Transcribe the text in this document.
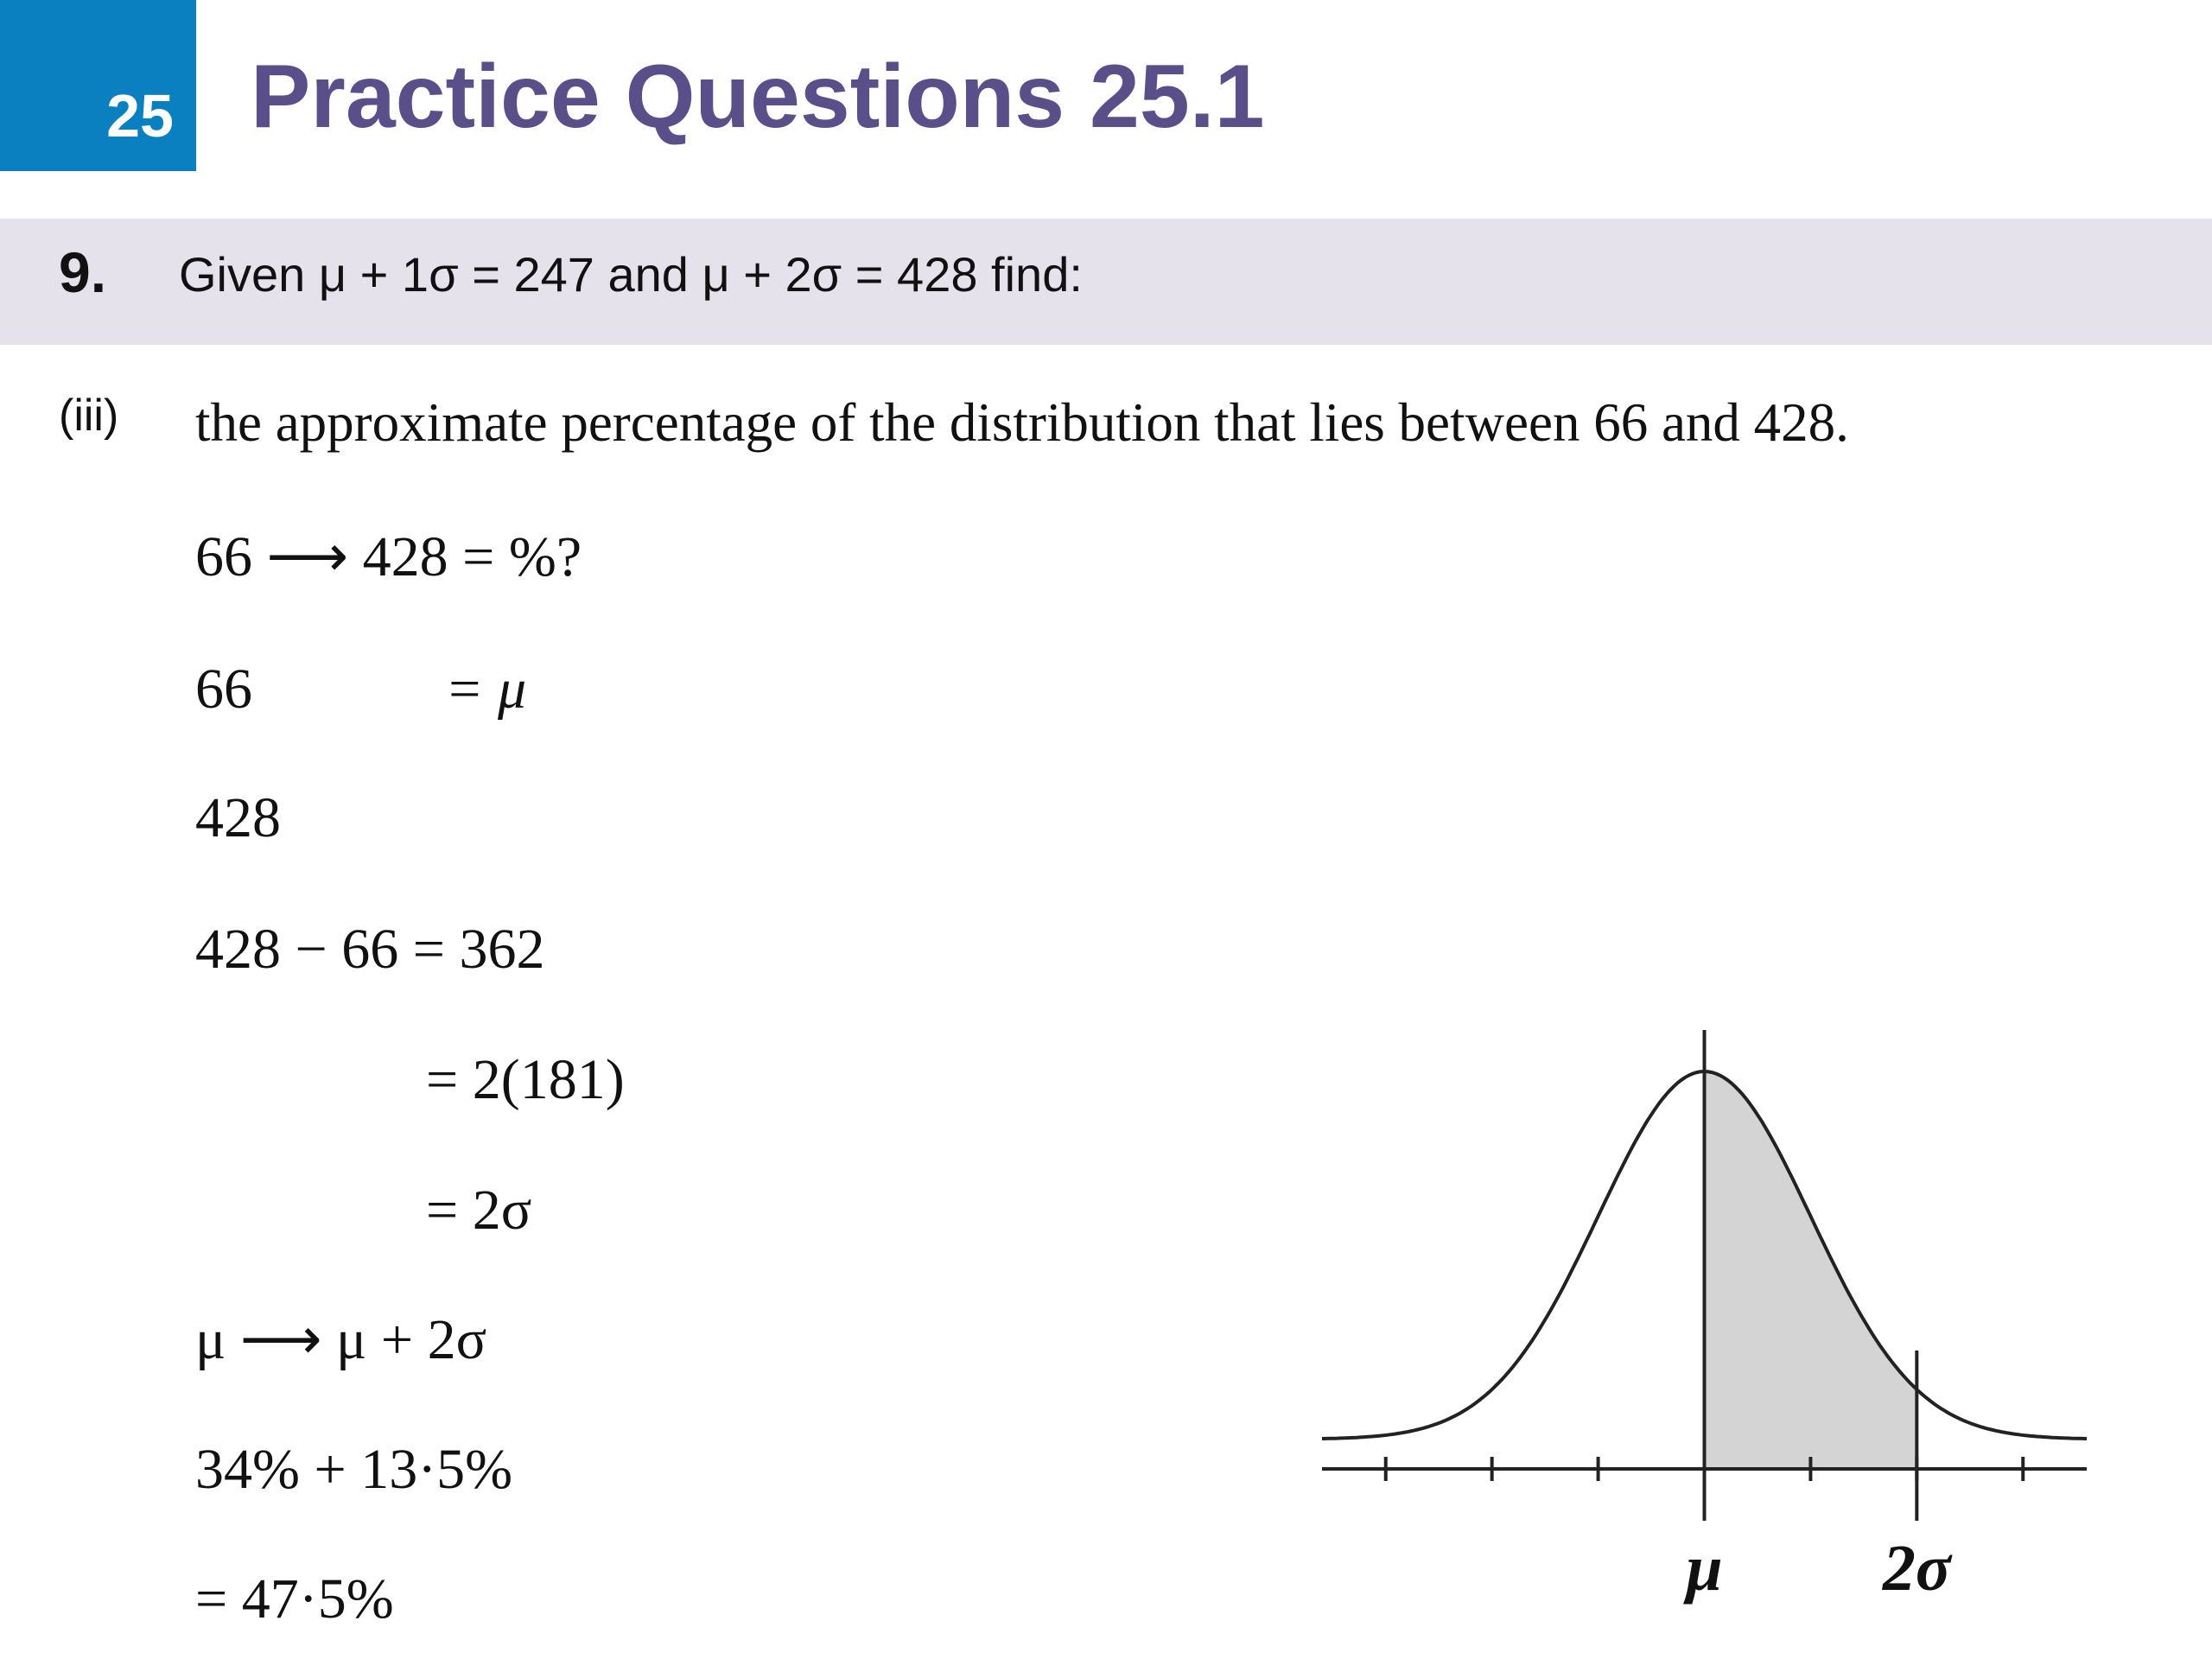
25 Practice Questions 25.1
9. Given μ + 1σ = 247 and μ + 2σ = 428 find:
(iii) the approximate percentage of the distribution that lies between 66 and 428.
66 ⟶ 428 = %?
66	= μ
428
428 − 66 = 362
= 2(181)
= 2σ
μ ⟶ μ + 2σ
34% + 13·5%
= 47·5%	μ 2σ
